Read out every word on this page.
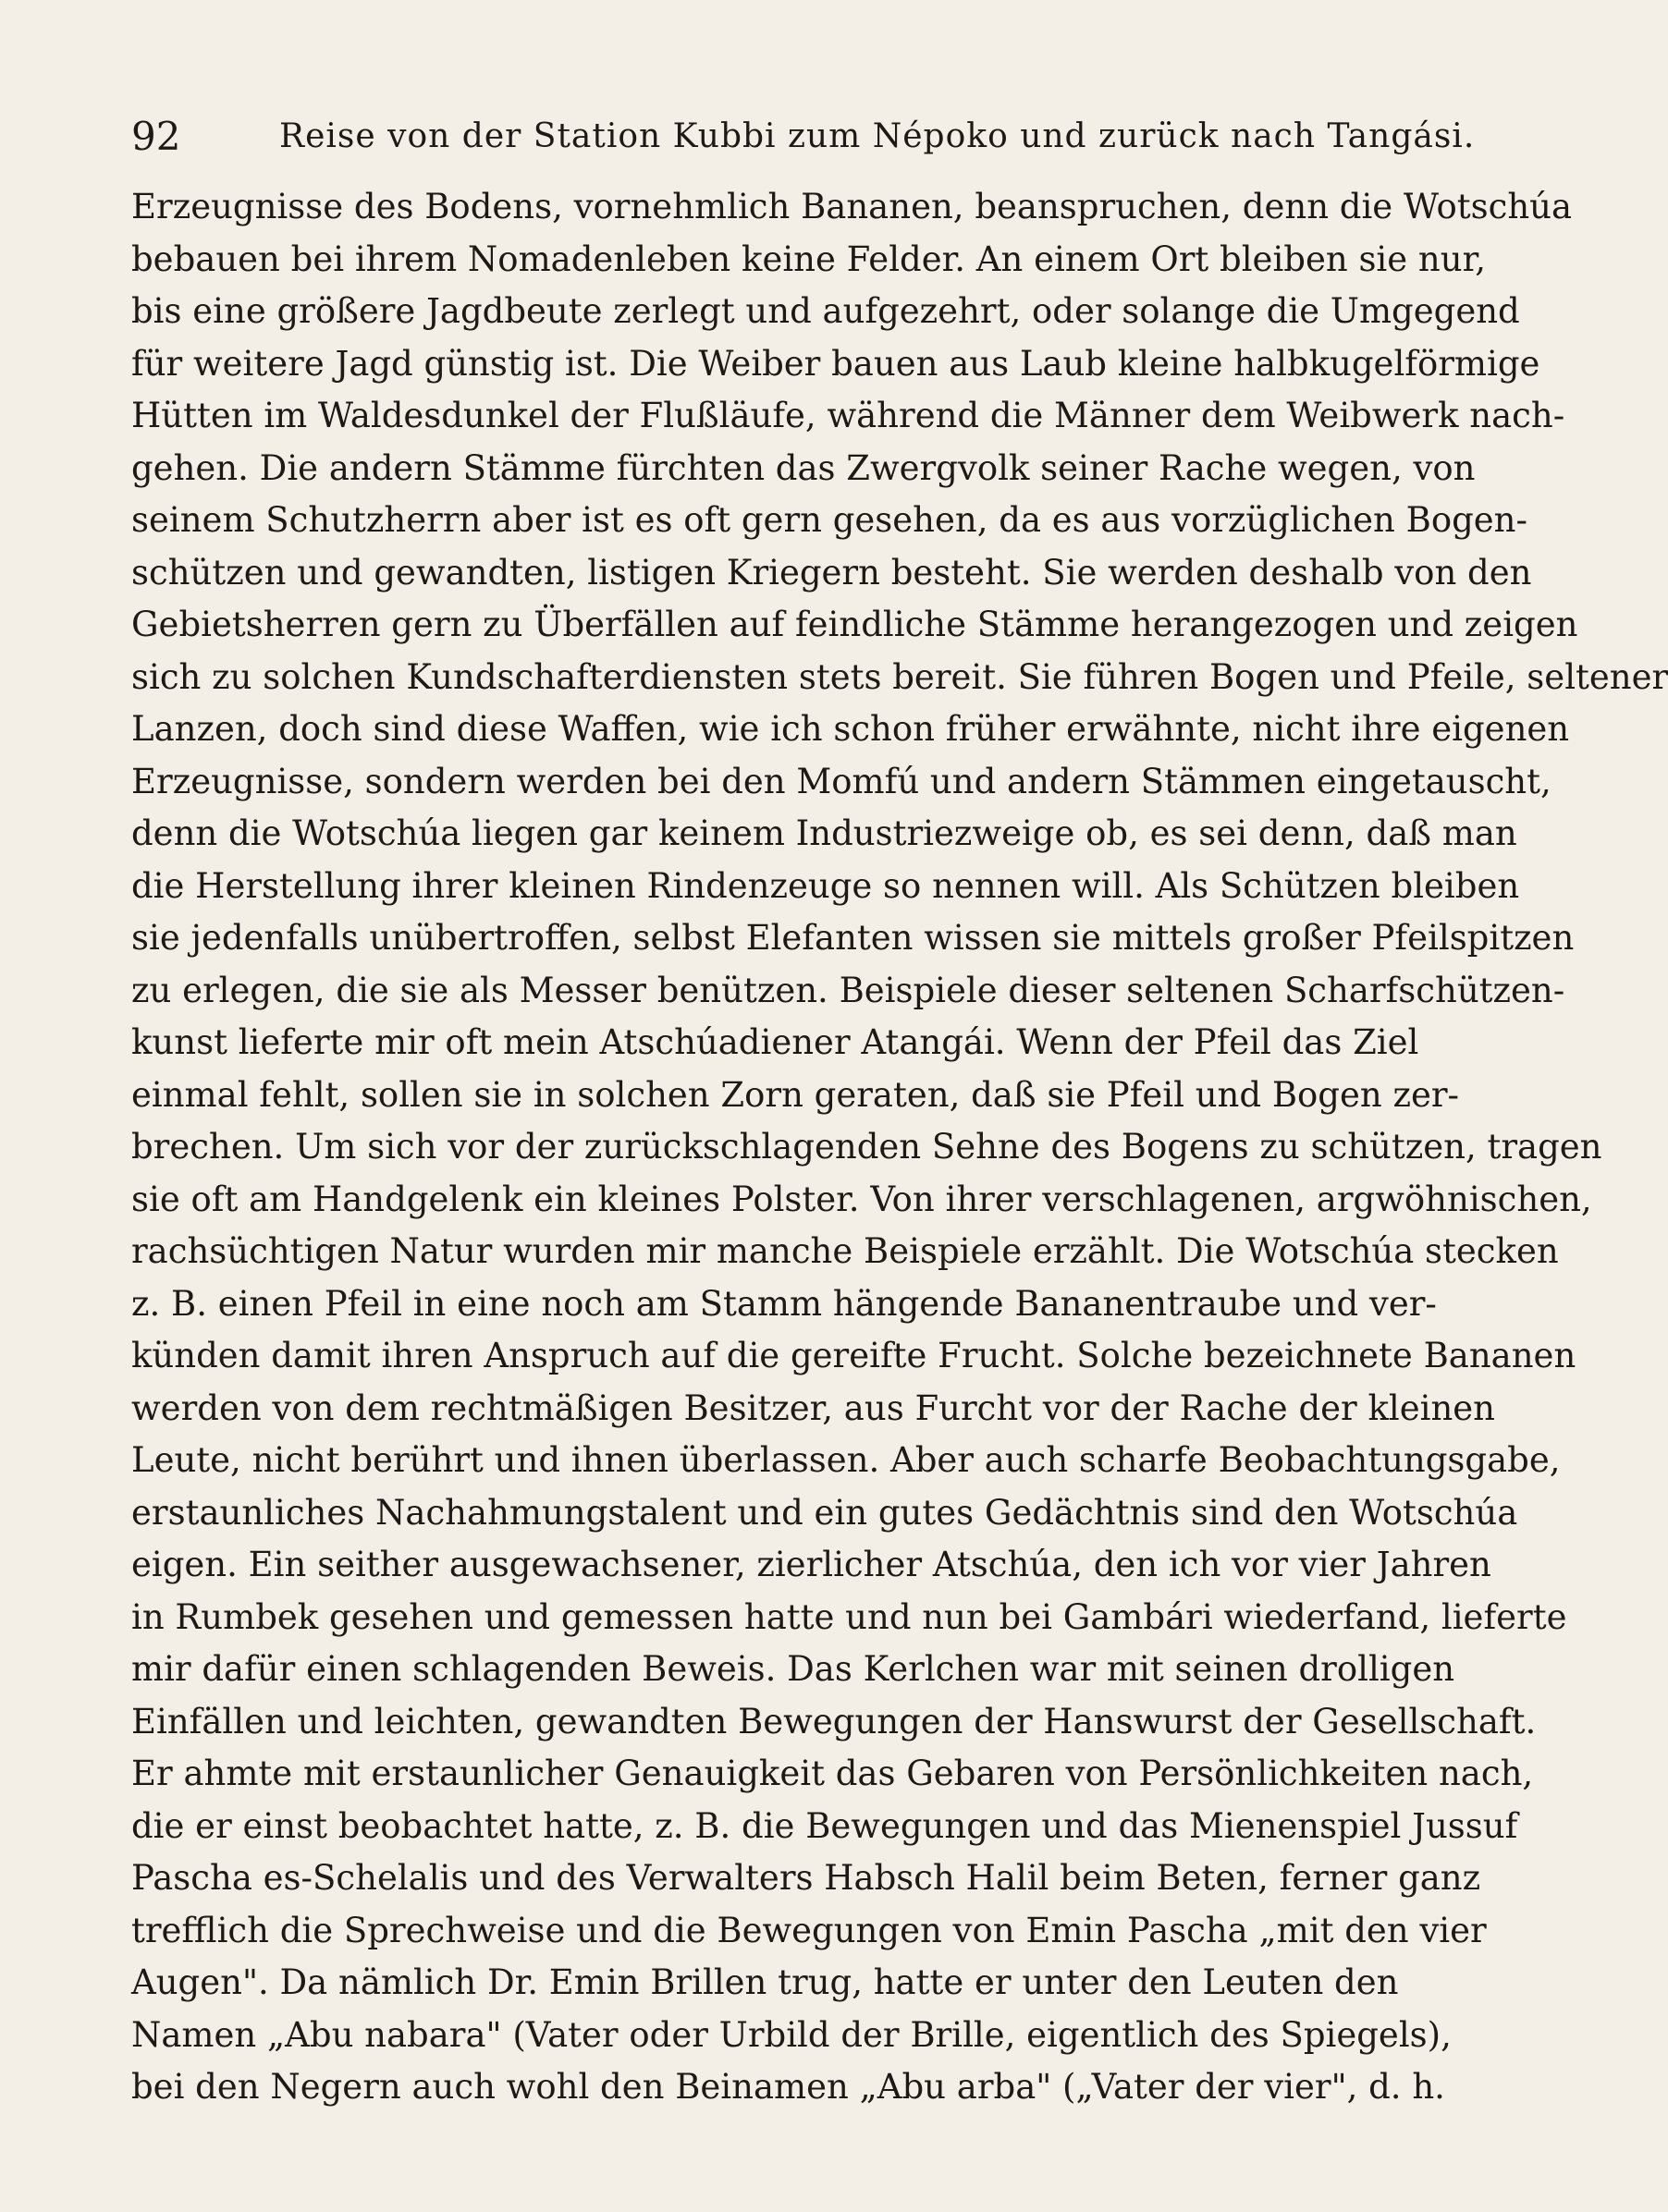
92	Reise von der Station Kubbi zum Népoko und zurück nach Tangási.
Erzeugnisse des Bodens, vornehmlich Bananen, beanspruchen, denn die Wotschúa
bebauen bei ihrem Nomadenleben keine Felder. An einem Ort bleiben sie nur,
bis eine größere Jagdbeute zerlegt und aufgezehrt, oder solange die Umgegend
für weitere Jagd günstig ist. Die Weiber bauen aus Laub kleine halbkugelförmige
Hütten im Waldesdunkel der Flußläufe, während die Männer dem Weibwerk nach-
gehen. Die andern Stämme fürchten das Zwergvolk seiner Rache wegen, von
seinem Schutzherrn aber ist es oft gern gesehen, da es aus vorzüglichen Bogen-
schützen und gewandten, listigen Kriegern besteht. Sie werden deshalb von den
Gebietsherren gern zu Überfällen auf feindliche Stämme herangezogen und zeigen
sich zu solchen Kundschafterdiensten stets bereit. Sie führen Bogen und Pfeile, seltener
Lanzen, doch sind diese Waffen, wie ich schon früher erwähnte, nicht ihre eigenen
Erzeugnisse, sondern werden bei den Momfú und andern Stämmen eingetauscht,
denn die Wotschúa liegen gar keinem Industriezweige ob, es sei denn, daß man
die Herstellung ihrer kleinen Rindenzeuge so nennen will. Als Schützen bleiben
sie jedenfalls unübertroffen, selbst Elefanten wissen sie mittels großer Pfeilspitzen
zu erlegen, die sie als Messer benützen. Beispiele dieser seltenen Scharfschützen-
kunst lieferte mir oft mein Atschúadiener Atangái. Wenn der Pfeil das Ziel
einmal fehlt, sollen sie in solchen Zorn geraten, daß sie Pfeil und Bogen zer-
brechen. Um sich vor der zurückschlagenden Sehne des Bogens zu schützen, tragen
sie oft am Handgelenk ein kleines Polster. Von ihrer verschlagenen, argwöhnischen,
rachsüchtigen Natur wurden mir manche Beispiele erzählt. Die Wotschúa stecken
z. B. einen Pfeil in eine noch am Stamm hängende Bananentraube und ver-
künden damit ihren Anspruch auf die gereifte Frucht. Solche bezeichnete Bananen
werden von dem rechtmäßigen Besitzer, aus Furcht vor der Rache der kleinen
Leute, nicht berührt und ihnen überlassen. Aber auch scharfe Beobachtungsgabe,
erstaunliches Nachahmungstalent und ein gutes Gedächtnis sind den Wotschúa
eigen. Ein seither ausgewachsener, zierlicher Atschúa, den ich vor vier Jahren
in Rumbek gesehen und gemessen hatte und nun bei Gambári wiederfand, lieferte
mir dafür einen schlagenden Beweis. Das Kerlchen war mit seinen drolligen
Einfällen und leichten, gewandten Bewegungen der Hanswurst der Gesellschaft.
Er ahmte mit erstaunlicher Genauigkeit das Gebaren von Persönlichkeiten nach,
die er einst beobachtet hatte, z. B. die Bewegungen und das Mienenspiel Jussuf
Pascha es-Schelalis und des Verwalters Habsch Halil beim Beten, ferner ganz
trefflich die Sprechweise und die Bewegungen von Emin Pascha „mit den vier
Augen". Da nämlich Dr. Emin Brillen trug, hatte er unter den Leuten den
Namen „Abu nabara" (Vater oder Urbild der Brille, eigentlich des Spiegels),
bei den Negern auch wohl den Beinamen „Abu arba" („Vater der vier", d. h.
